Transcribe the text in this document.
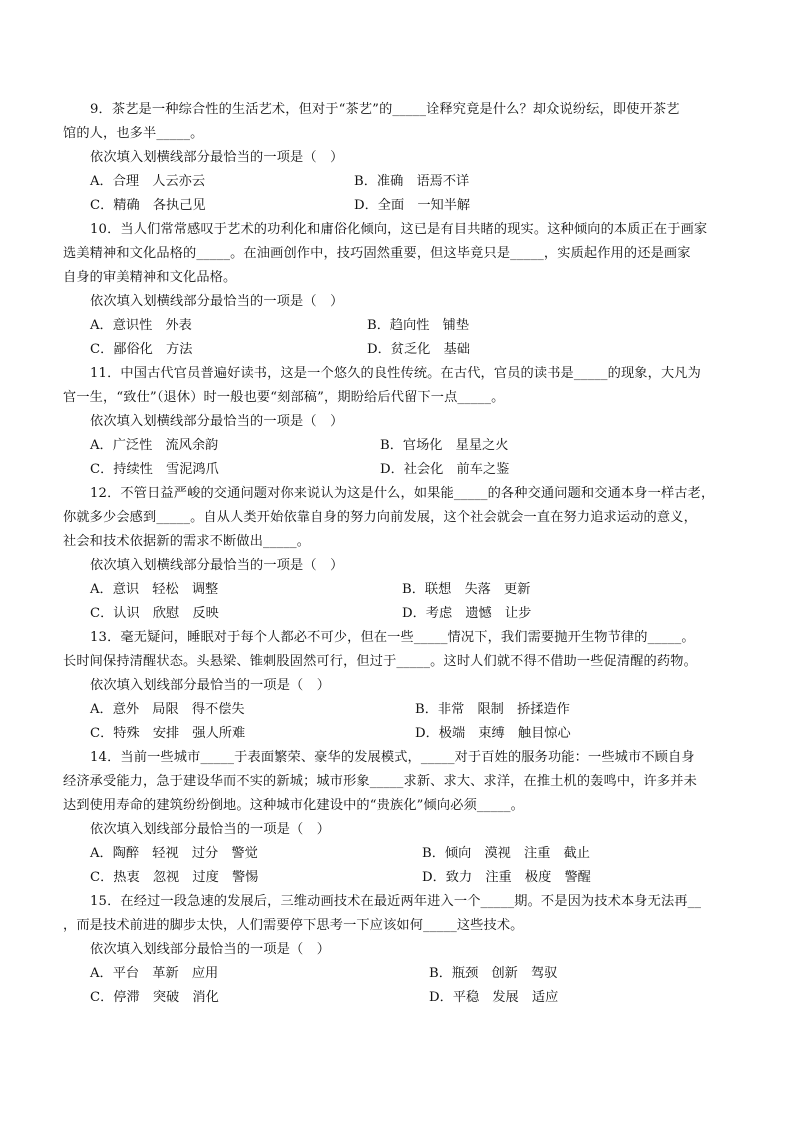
9．茶艺是一种综合性的生活艺术，但对于“茶艺”的_____诠释究竟是什么？却众说纷纭，即使开茶艺
馆的人，也多半_____。
依次填入划横线部分最恰当的一项是（　）
A．合理　人云亦云	B．准确　语焉不详
C．精确　各执己见	D．全面　一知半解
10．当人们常常感叹于艺术的功利化和庸俗化倾向，这已是有目共睹的现实。这种倾向的本质正在于画家
选美精神和文化品格的_____。在油画创作中，技巧固然重要，但这毕竟只是_____，实质起作用的还是画家
自身的审美精神和文化品格。
依次填入划横线部分最恰当的一项是（　）
A．意识性　外表	B．趋向性　铺垫
C．鄙俗化　方法	D．贫乏化　基础
11．中国古代官员普遍好读书，这是一个悠久的良性传统。在古代，官员的读书是_____的现象，大凡为
官一生，“致仕”（退休）时一般也要“刻部稿”，期盼给后代留下一点_____。
依次填入划横线部分最恰当的一项是（　）
A．广泛性　流风余韵	B．官场化　星星之火
C．持续性　雪泥鸿爪	D．社会化　前车之鉴
12．不管日益严峻的交通问题对你来说认为这是什么，如果能_____的各种交通问题和交通本身一样古老，
你就多少会感到_____。自从人类开始依靠自身的努力向前发展，这个社会就会一直在努力追求运动的意义，
社会和技术依据新的需求不断做出_____。
依次填入划横线部分最恰当的一项是（　）
A．意识　轻松　调整	B．联想　失落　更新
C．认识　欣慰　反映	D．考虑　遗憾　让步
13．毫无疑问，睡眠对于每个人都必不可少，但在一些_____情况下，我们需要抛开生物节律的_____。
长时间保持清醒状态。头悬梁、锥刺股固然可行，但过于_____。这时人们就不得不借助一些促清醒的药物。
依次填入划线部分最恰当的一项是（　）
A．意外　局限　得不偿失	B．非常　限制　挢揉造作
C．特殊　安排　强人所难	D．极端　束缚　触目惊心
14．当前一些城市_____于表面繁荣、豪华的发展模式，_____对于百姓的服务功能：一些城市不顾自身
经济承受能力，急于建设华而不实的新城；城市形象_____求新、求大、求洋，在推土机的轰鸣中，许多并未
达到使用寿命的建筑纷纷倒地。这种城市化建设中的“贵族化”倾向必须_____。
依次填入划线部分最恰当的一项是（　）
A．陶醉　轻视　过分　警觉	B．倾向　漠视　注重　截止
C．热衷　忽视　过度　警惕	D．致力　注重　极度　警醒
15．在经过一段急速的发展后，三维动画技术在最近两年进入一个_____期。不是因为技术本身无法再__
，而是技术前进的脚步太快，人们需要停下思考一下应该如何_____这些技术。
依次填入划线部分最恰当的一项是（　）
A．平台　革新　应用	B．瓶颈　创新　驾驭
C．停滞　突破　消化	D．平稳　发展　适应
